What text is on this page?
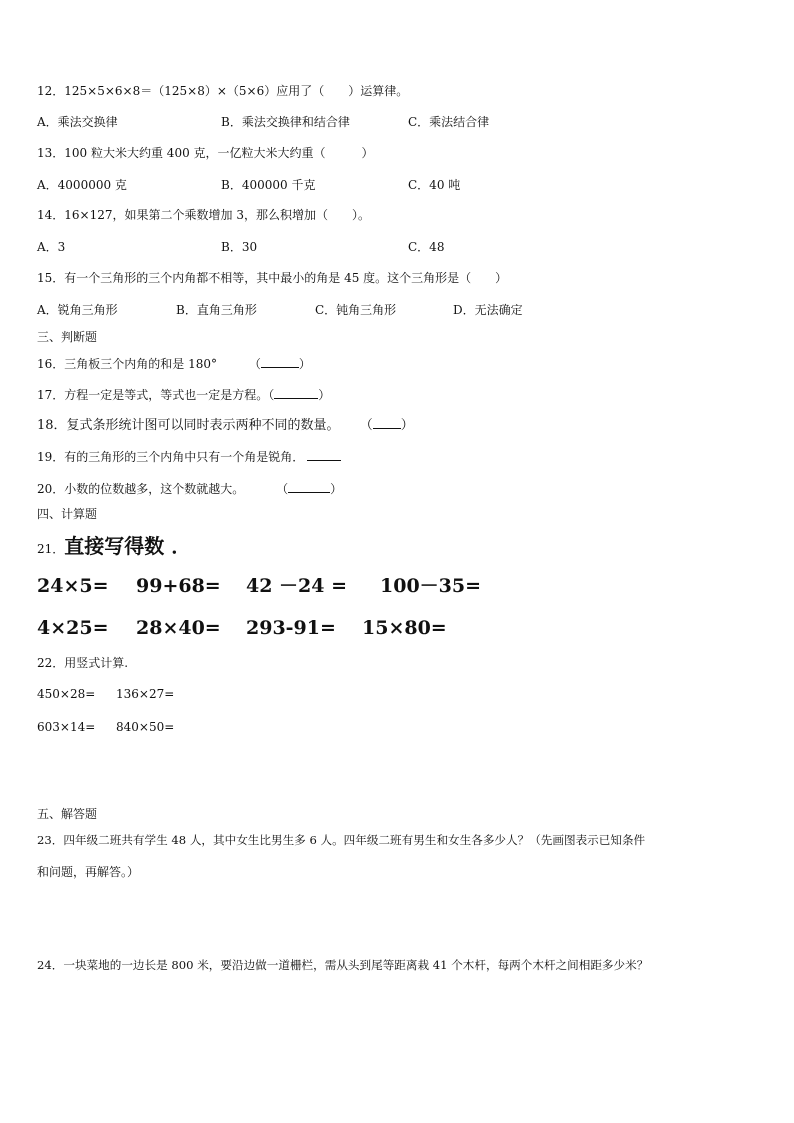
12．125×5×6×8＝（125×8）×（5×6）应用了（　　）运算律。
A．乘法交换律	B．乘法交换律和结合律	C．乘法结合律
13．100 粒大米大约重 400 克，一亿粒大米大约重（　　　）
A．4000000 克	B．400000 千克	C．40 吨
14．16×127，如果第二个乘数增加 3，那么积增加（　　）。
A．3	B．30	C．48
15．有一个三角形的三个内角都不相等，其中最小的角是 45 度。这个三角形是（　　）
A．锐角三角形	B．直角三角形	C．钝角三角形	D．无法确定
三、判断题
16．三角板三个内角的和是 180°	（	）
17．方程一定是等式，等式也一定是方程。（	）
18．复式条形统计图可以同时表示两种不同的数量。 （ ）
19．有的三角形的三个内角中只有一个角是锐角．
20．小数的位数越多，这个数就越大。	（	）
四、计算题
21．直接写得数 ．
24×5= 99+68= 42 －24 = 100－35=
4×25= 28×40= 293-91= 15×80=
22．用竖式计算.
450×28= 136×27=
603×14= 840×50=
五、解答题
23．四年级二班共有学生 48 人，其中女生比男生多 6 人。四年级二班有男生和女生各多少人？（先画图表示已知条件
和问题，再解答。）
24．一块菜地的一边长是 800 米，要沿边做一道栅栏，需从头到尾等距离栽 41 个木杆，每两个木杆之间相距多少米？
